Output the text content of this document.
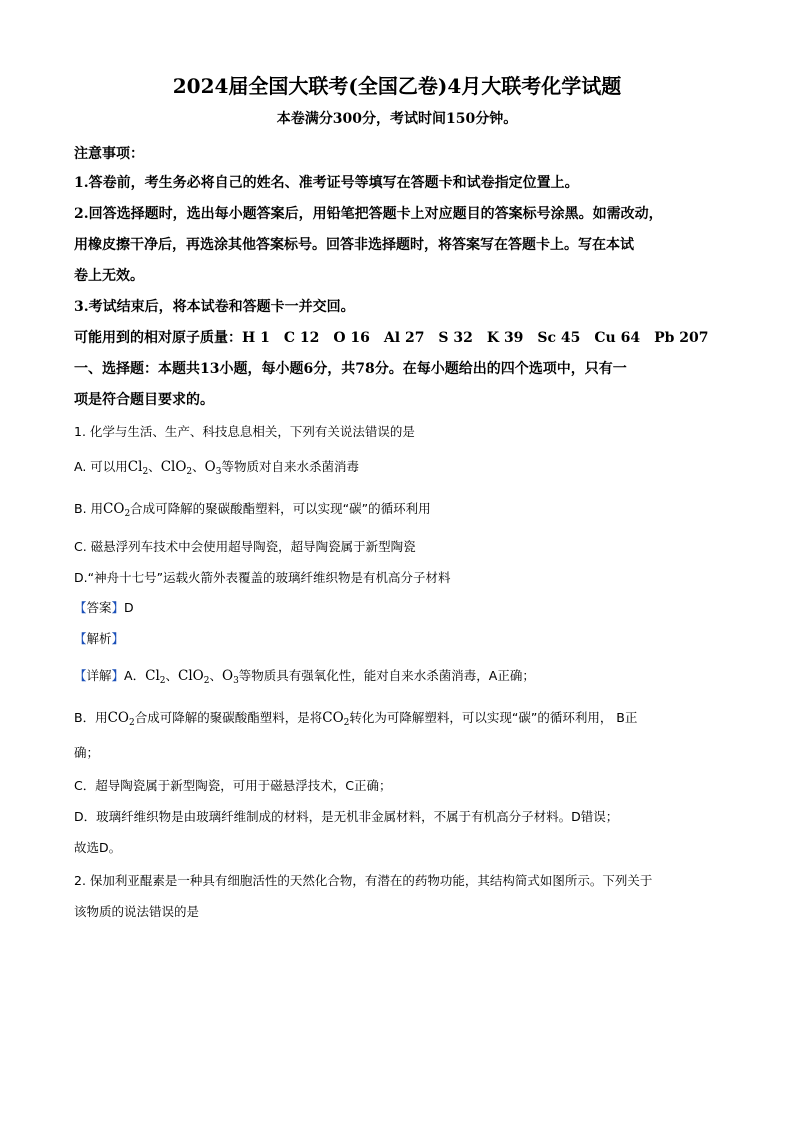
2024届全国大联考(全国乙卷)4月大联考化学试题
本卷满分300分，考试时间150分钟。
注意事项：
1.答卷前，考生务必将自己的姓名、准考证号等填写在答题卡和试卷指定位置上。
2.回答选择题时，选出每小题答案后，用铅笔把答题卡上对应题目的答案标号涂黑。如需改动，
用橡皮擦干净后，再选涂其他答案标号。回答非选择题时，将答案写在答题卡上。写在本试
卷上无效。
3.考试结束后，将本试卷和答题卡一并交回。
可能用到的相对原子质量：H 1　C 12　O 16　Al 27　S 32　K 39　Sc 45　Cu 64　Pb 207
一、选择题：本题共13小题，每小题6分，共78分。在每小题给出的四个选项中，只有一
项是符合题目要求的。
1. 化学与生活、生产、科技息息相关，下列有关说法错误的是
A. 可以用$Cl_2$、ClO$_2$、$O_3$等物质对自来水杀菌消毒
B. 用$CO_2$合成可降解的聚碳酸酯塑料，可以实现“碳”的循环利用
C. 磁悬浮列车技术中会使用超导陶瓷，超导陶瓷属于新型陶瓷
D.“神舟十七号”运载火箭外表覆盖的玻璃纤维织物是有机高分子材料
【答案】D
【解析】
【详解】A．$Cl_2$、ClO$_2$、$O_3$等物质具有强氧化性，能对自来水杀菌消毒，A正确；
B．用$CO_2$合成可降解的聚碳酸酯塑料，是将$CO_2$转化为可降解塑料，可以实现“碳”的循环利用， B正
确；
C．超导陶瓷属于新型陶瓷，可用于磁悬浮技术，C正确；
D．玻璃纤维织物是由玻璃纤维制成的材料，是无机非金属材料，不属于有机高分子材料。D错误；
故选D。
2. 保加利亚醌素是一种具有细胞活性的天然化合物，有潜在的药物功能，其结构简式如图所示。下列关于
该物质的说法错误的是
